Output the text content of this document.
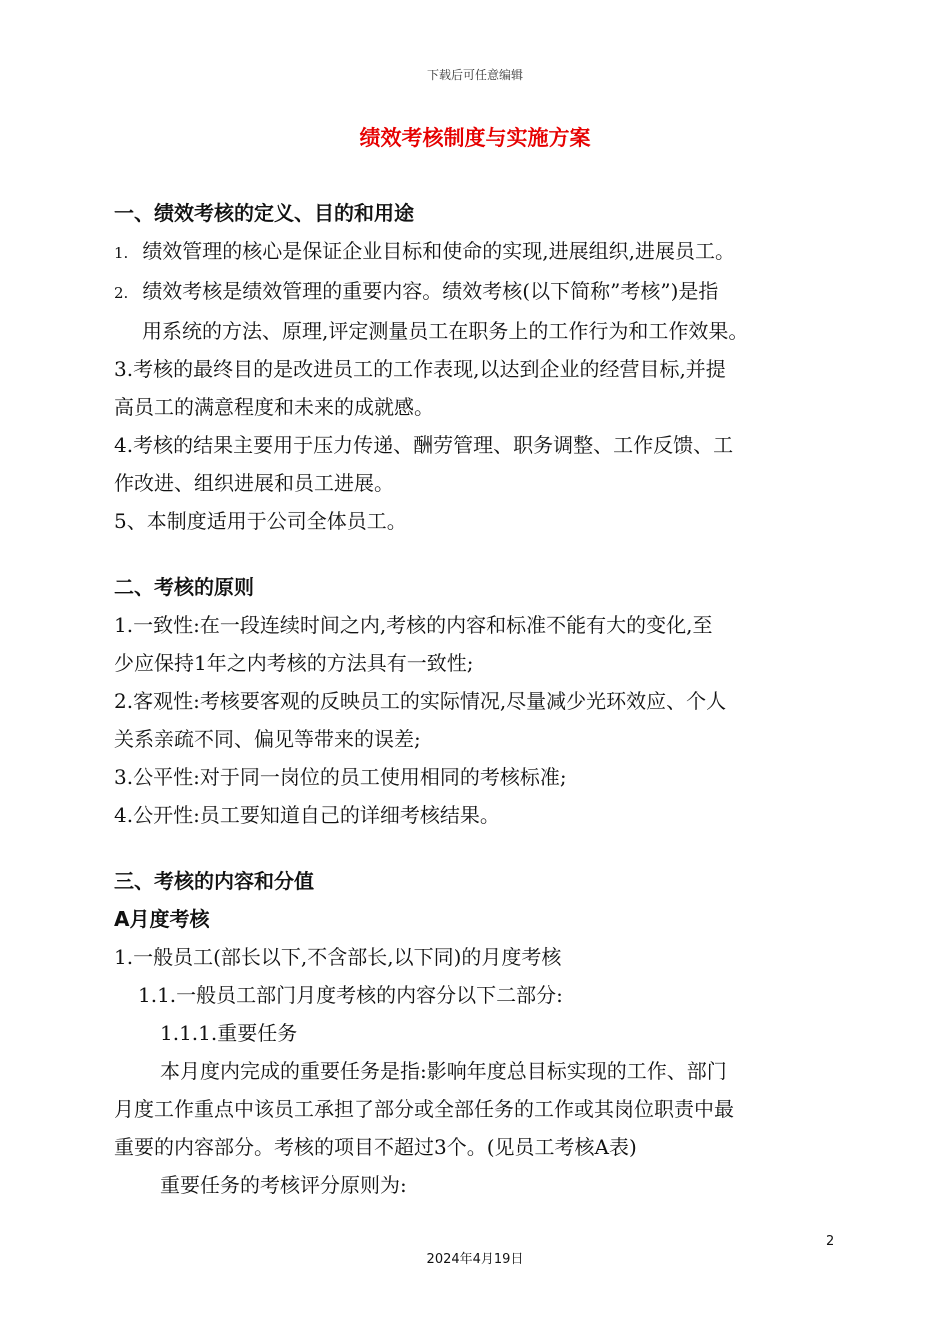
下载后可任意编辑
绩效考核制度与实施方案
一、绩效考核的定义、目的和用途
1. 绩效管理的核心是保证企业目标和使命的实现,进展组织,进展员工。
2. 绩效考核是绩效管理的重要内容。绩效考核(以下简称”考核”)是指
用系统的方法、原理,评定测量员工在职务上的工作行为和工作效果。
3.考核的最终目的是改进员工的工作表现,以达到企业的经营目标,并提
高员工的满意程度和未来的成就感。
4.考核的结果主要用于压力传递、酬劳管理、职务调整、工作反馈、工
作改进、组织进展和员工进展。
5、本制度适用于公司全体员工。
二、考核的原则
1.一致性:在一段连续时间之内,考核的内容和标准不能有大的变化,至
少应保持1年之内考核的方法具有一致性;
2.客观性:考核要客观的反映员工的实际情况,尽量减少光环效应、个人
关系亲疏不同、偏见等带来的误差;
3.公平性:对于同一岗位的员工使用相同的考核标准;
4.公开性:员工要知道自己的详细考核结果。
三、考核的内容和分值
A月度考核
1.一般员工(部长以下,不含部长,以下同)的月度考核
1.1.一般员工部门月度考核的内容分以下二部分:
1.1.1.重要任务
本月度内完成的重要任务是指:影响年度总目标实现的工作、部门
月度工作重点中该员工承担了部分或全部任务的工作或其岗位职责中最
重要的内容部分。考核的项目不超过3个。(见员工考核A表)
重要任务的考核评分原则为:
2
2024年4月19日
